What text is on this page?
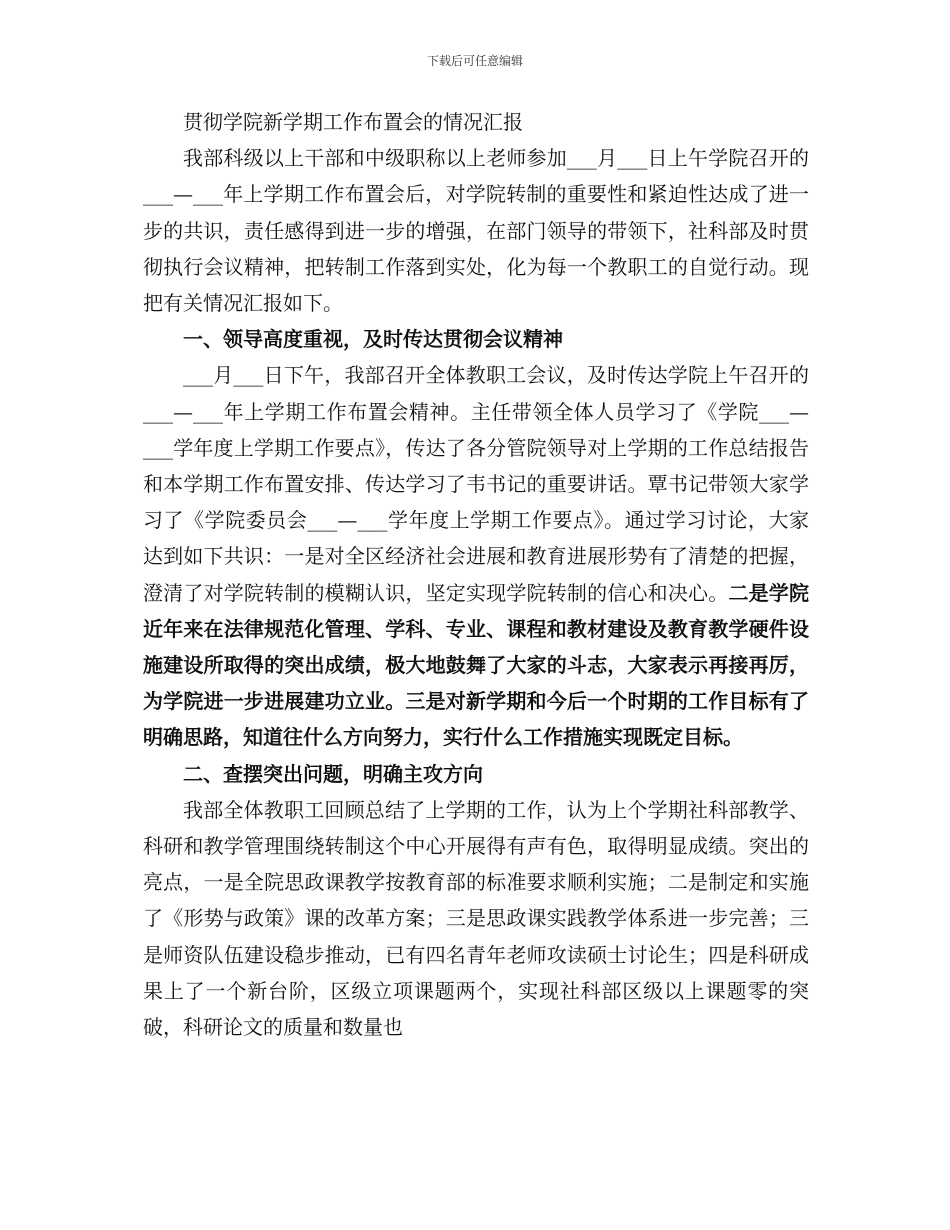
下载后可任意编辑

贯彻学院新学期工作布置会的情况汇报

我部科级以上干部和中级职称以上老师参加___月___日上午学院召开的___—___年上学期工作布置会后，对学院转制的重要性和紧迫性达成了进一步的共识，责任感得到进一步的增强，在部门领导的带领下，社科部及时贯彻执行会议精神，把转制工作落到实处，化为每一个教职工的自觉行动。现把有关情况汇报如下。

一、领导高度重视，及时传达贯彻会议精神

___月___日下午，我部召开全体教职工会议，及时传达学院上午召开的___—___年上学期工作布置会精神。主任带领全体人员学习了《学院___—___学年度上学期工作要点》，传达了各分管院领导对上学期的工作总结报告和本学期工作布置安排、传达学习了韦书记的重要讲话。覃书记带领大家学习了《学院委员会___—___学年度上学期工作要点》。通过学习讨论，大家达到如下共识：一是对全区经济社会进展和教育进展形势有了清楚的把握，澄清了对学院转制的模糊认识，坚定实现学院转制的信心和决心。二是学院近年来在法律规范化管理、学科、专业、课程和教材建设及教育教学硬件设施建设所取得的突出成绩，极大地鼓舞了大家的斗志，大家表示再接再厉，为学院进一步进展建功立业。三是对新学期和今后一个时期的工作目标有了明确思路，知道往什么方向努力，实行什么工作措施实现既定目标。

二、查摆突出问题，明确主攻方向

我部全体教职工回顾总结了上学期的工作，认为上个学期社科部教学、科研和教学管理围绕转制这个中心开展得有声有色，取得明显成绩。突出的亮点，一是全院思政课教学按教育部的标准要求顺利实施；二是制定和实施了《形势与政策》课的改革方案；三是思政课实践教学体系进一步完善；三是师资队伍建设稳步推动，已有四名青年老师攻读硕士讨论生；四是科研成果上了一个新台阶，区级立项课题两个，实现社科部区级以上课题零的突破，科研论文的质量和数量也
